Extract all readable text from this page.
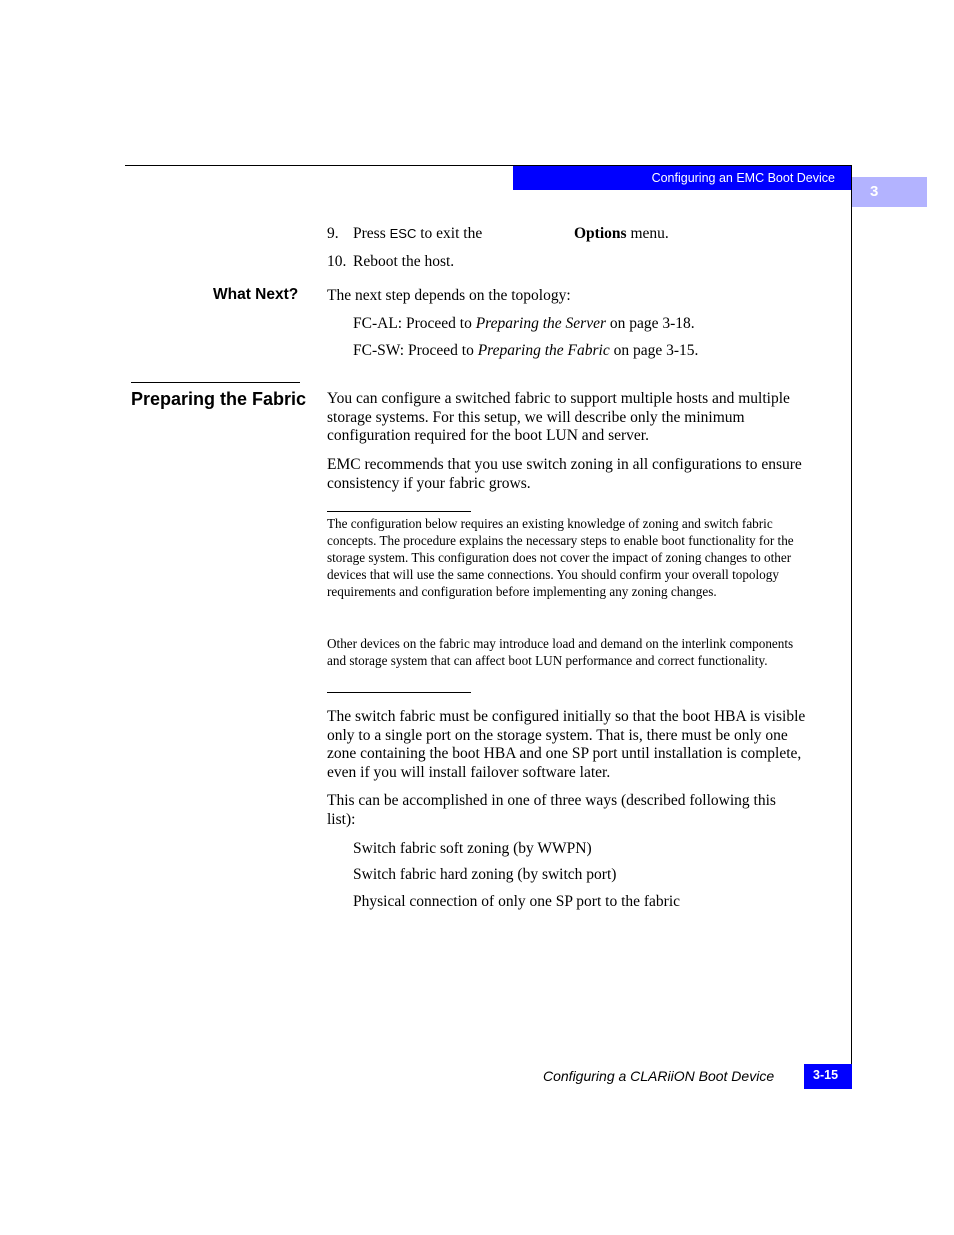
Configuring an EMC Boot Device
3
9. Press ESC to exit the	Options menu.
10. Reboot the host.
What Next? The next step depends on the topology:
FC-AL: Proceed to Preparing the Server on page 3-18.
FC-SW: Proceed to Preparing the Fabric on page 3-15.
Preparing the Fabric You can configure a switched fabric to support multiple hosts and multiple storage systems. For this setup, we will describe only the minimum configuration required for the boot LUN and server.
EMC recommends that you use switch zoning in all configurations to ensure consistency if your fabric grows.
The configuration below requires an existing knowledge of zoning and switch fabric concepts. The procedure explains the necessary steps to enable boot functionality for the storage system. This configuration does not cover the impact of zoning changes to other devices that will use the same connections. You should confirm your overall topology requirements and configuration before implementing any zoning changes.
Other devices on the fabric may introduce load and demand on the interlink components and storage system that can affect boot LUN performance and correct functionality.
The switch fabric must be configured initially so that the boot HBA is visible only to a single port on the storage system. That is, there must be only one zone containing the boot HBA and one SP port until installation is complete, even if you will install failover software later.
This can be accomplished in one of three ways (described following this list):
Switch fabric soft zoning (by WWPN)
Switch fabric hard zoning (by switch port)
Physical connection of only one SP port to the fabric
Configuring a CLARiiON Boot Device	3-15
